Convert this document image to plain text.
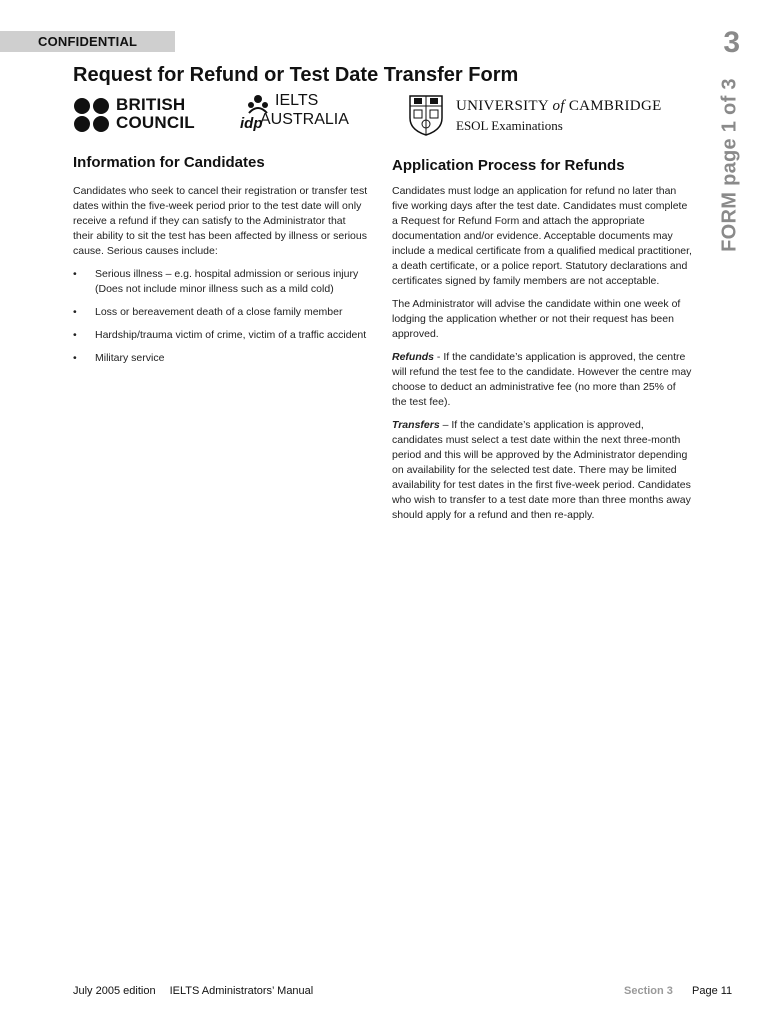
CONFIDENTIAL	3
FORM page 1 of 3
Request for Refund or Test Date Transfer Form
BRITISH
COUNCIL
IELTS
idp
AUSTRALIA
UNIVERSITY of CAMBRIDGE
ESOL Examinations
Information for Candidates

Candidates who seek to cancel their registration or transfer test dates within the five-week period prior to the test date will only receive a refund if they can satisfy to the Administrator that their ability to sit the test has been affected by illness or serious cause. Serious causes include:

• Serious illness – e.g. hospital admission or serious injury (Does not include minor illness such as a mild cold)
• Loss or bereavement death of a close family member
• Hardship/trauma victim of crime, victim of a traffic accident
• Military service
Application Process for Refunds

Candidates must lodge an application for refund no later than five working days after the test date. Candidates must complete a Request for Refund Form and attach the appropriate documentation and/or evidence. Acceptable documents may include a medical certificate from a qualified medical practitioner, a death certificate, or a police report. Statutory declarations and certificates signed by family members are not acceptable.

The Administrator will advise the candidate within one week of lodging the application whether or not their request has been approved.

Refunds - If the candidate’s application is approved, the centre will refund the test fee to the candidate. However the centre may choose to deduct an administrative fee (no more than 25% of the test fee).

Transfers – If the candidate’s application is approved, candidates must select a test date within the next three-month period and this will be approved by the Administrator depending on availability for the selected test date. There may be limited availability for test dates in the first five-week period. Candidates who wish to transfer to a test date more than three months away should apply for a refund and then re-apply.

July 2005 edition IELTS Administrators’ Manual	Section 3 Page 11
